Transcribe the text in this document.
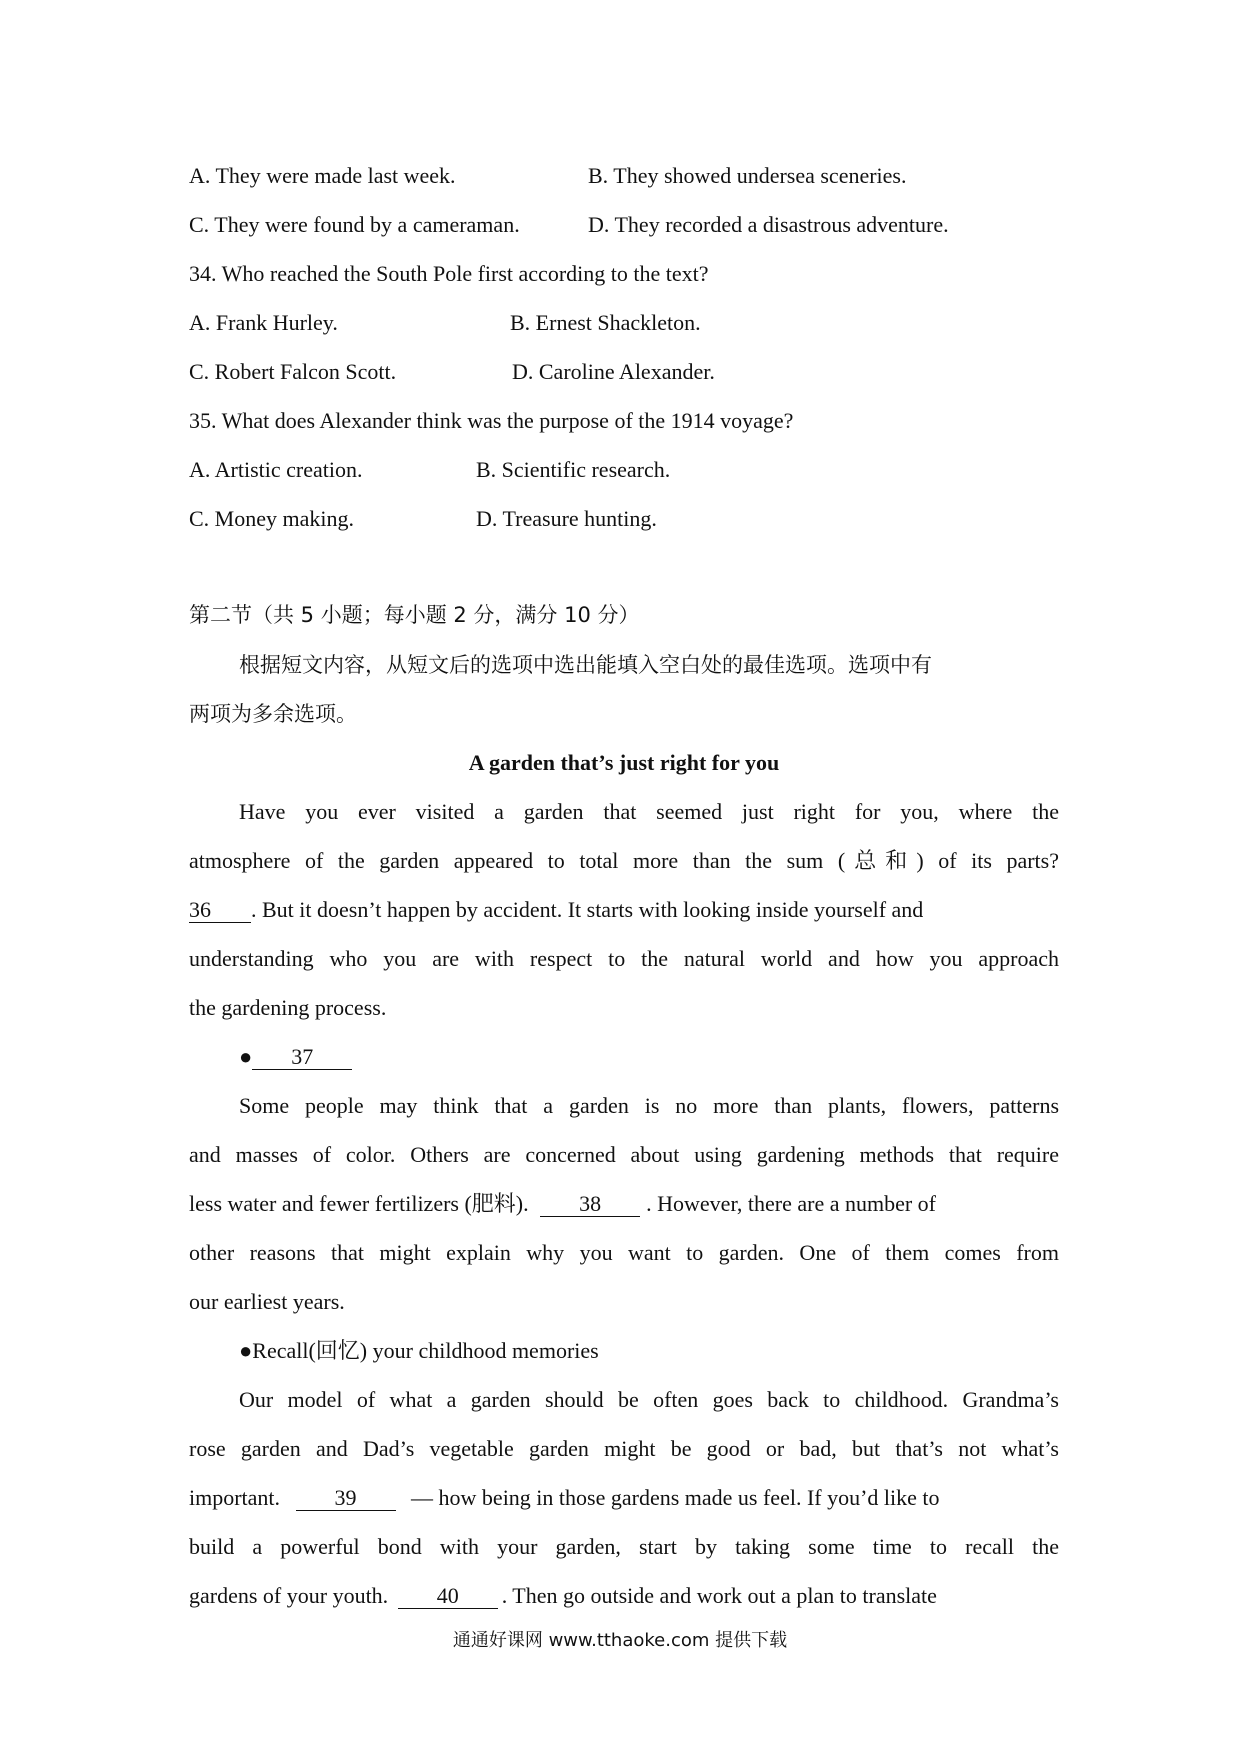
A. They were made last week.	B. They showed undersea sceneries.
C. They were found by a cameraman.	D. They recorded a disastrous adventure.
34. Who reached the South Pole first according to the text?
A. Frank Hurley.	B. Ernest Shackleton.
C. Robert Falcon Scott.	D. Caroline Alexander.
35. What does Alexander think was the purpose of the 1914 voyage?
A. Artistic creation.	B. Scientific research.
C. Money making.	D. Treasure hunting.
第二节（共 5 小题；每小题 2 分，满分 10 分）
根据短文内容，从短文后的选项中选出能填入空白处的最佳选项。选项中有
两项为多余选项。
A garden that’s just right for you
Have you ever visited a garden that seemed just right for you, where the
atmosphere of the garden appeared to total more than the sum (总和) of its parts?
36 . But it doesn’t happen by accident. It starts with looking inside yourself and
understanding who you are with respect to the natural world and how you approach
the gardening process.
● 37
Some people may think that a garden is no more than plants, flowers, patterns
and masses of color. Others are concerned about using gardening methods that require
less water and fewer fertilizers (肥料). 38 . However, there are a number of
other reasons that might explain why you want to garden. One of them comes from
our earliest years.
●Recall(回忆) your childhood memories
Our model of what a garden should be often goes back to childhood. Grandma’s
rose garden and Dad’s vegetable garden might be good or bad, but that’s not what’s
important. 39 — how being in those gardens made us feel. If you’d like to
build a powerful bond with your garden, start by taking some time to recall the
gardens of your youth. 40 . Then go outside and work out a plan to translate
通通好课网 www.tthaoke.com 提供下载
